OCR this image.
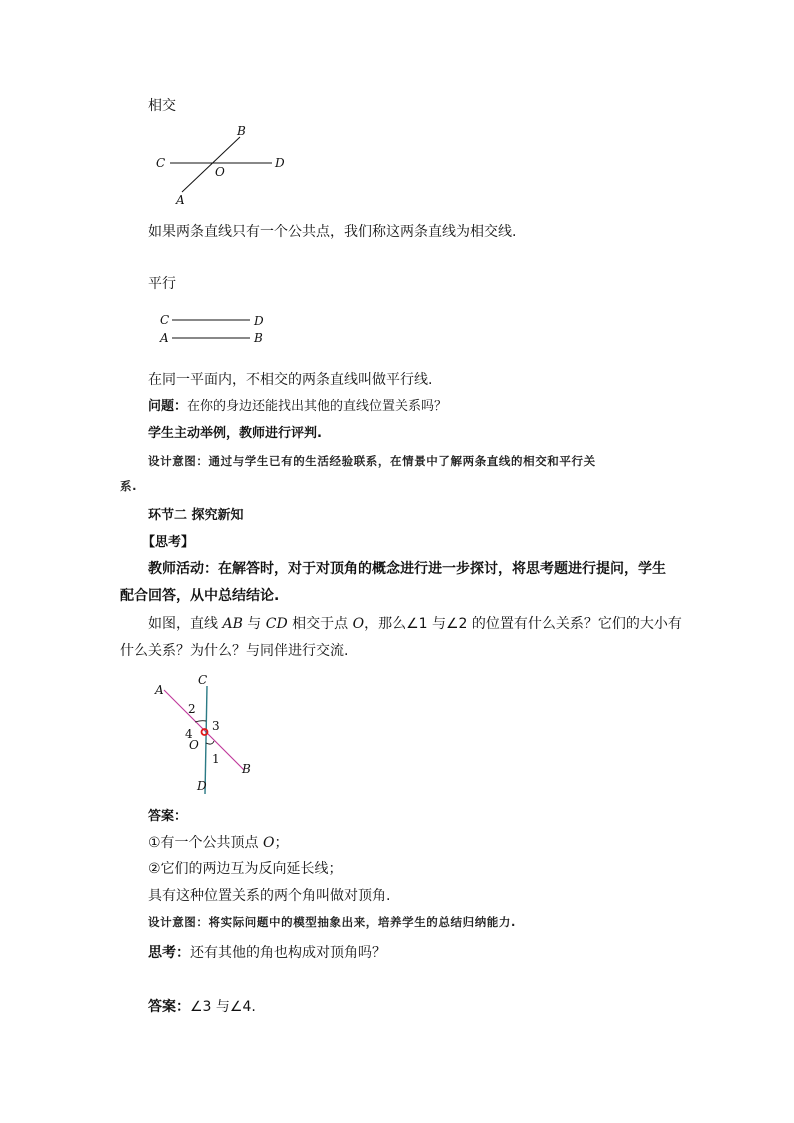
相交
B
C	D
O
A
如果两条直线只有一个公共点，我们称这两条直线为相交线.
平行
C	D
A	B
在同一平面内，不相交的两条直线叫做平行线.
问题：在你的身边还能找出其他的直线位置关系吗？
学生主动举例，教师进行评判.
设计意图：通过与学生已有的生活经验联系，在情景中了解两条直线的相交和平行关
系.
环节二 探究新知
【思考】
教师活动：在解答时，对于对顶角的概念进行进一步探讨，将思考题进行提问，学生
配合回答，从中总结结论.
如图，直线 AB 与 CD 相交于点 O，那么∠1 与∠2 的位置有什么关系？它们的大小有
什么关系？为什么？与同伴进行交流.
A
C
B
D
O
2
3
4
1
答案：
①有一个公共顶点 O；
②它们的两边互为反向延长线；
具有这种位置关系的两个角叫做对顶角.
设计意图：将实际问题中的模型抽象出来，培养学生的总结归纳能力.
思考：还有其他的角也构成对顶角吗？
答案：∠3 与∠4.
